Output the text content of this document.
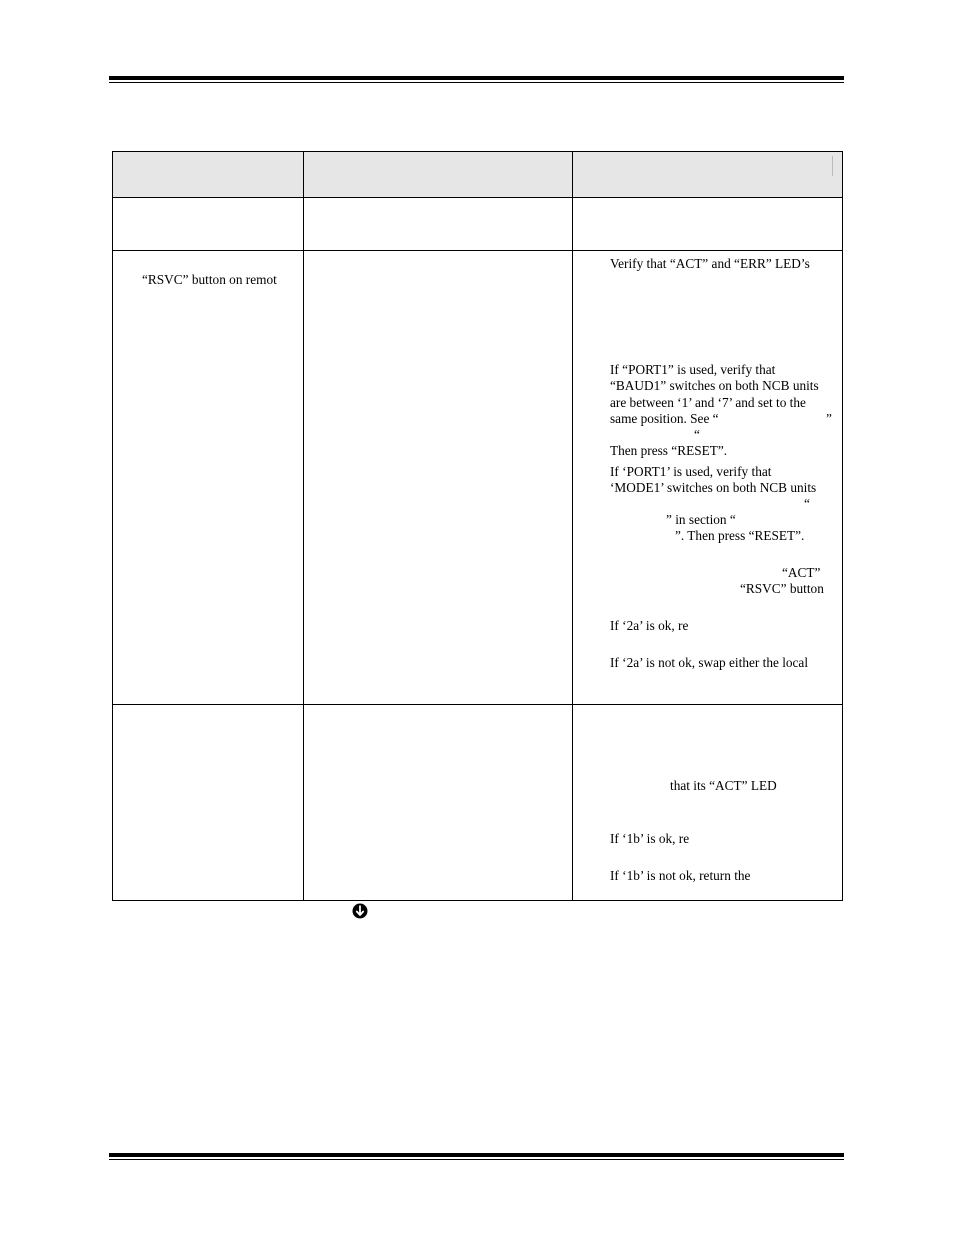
“RSVC” button on remot
Verify that “ACT” and “ERR” LED’s
If “PORT1” is used, verify that
“BAUD1” switches on both NCB units
are between ‘1’ and ‘7’ and set to the
same position. See “	”
“
Then press “RESET”.
If ‘PORT1’ is used, verify that
‘MODE1’ switches on both NCB units
“
” in section “
”. Then press “RESET”.
“ACT”
“RSVC” button
If ‘2a’ is ok, re
If ‘2a’ is not ok, swap either the local
that its “ACT” LED
If ‘1b’ is ok, re
If ‘1b’ is not ok, return the
